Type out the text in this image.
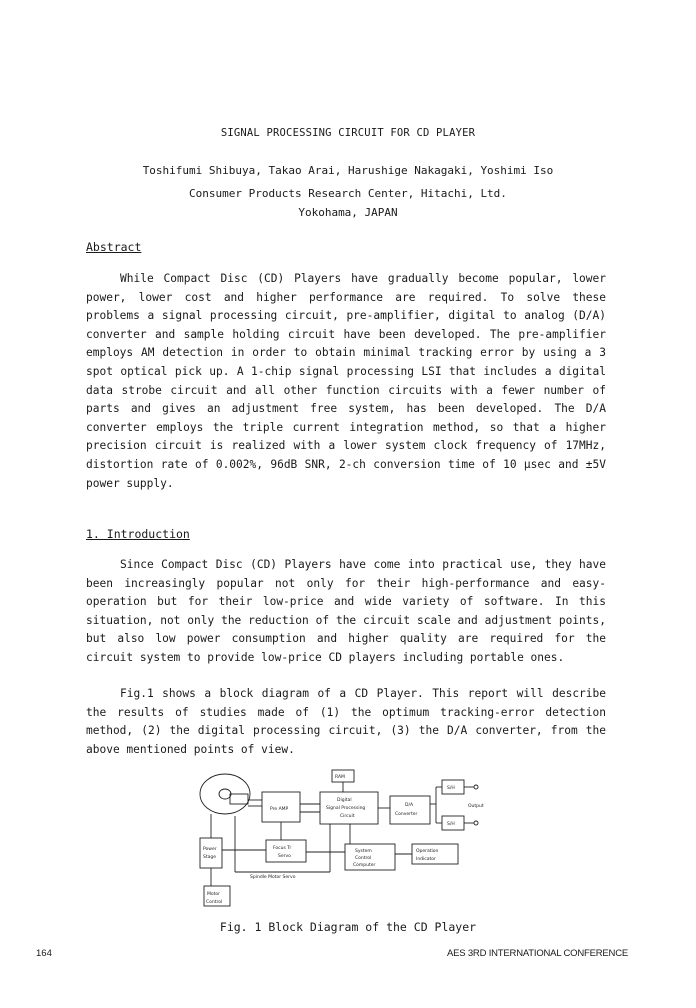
SIGNAL PROCESSING CIRCUIT FOR CD PLAYER
Toshifumi Shibuya, Takao Arai, Harushige Nakagaki, Yoshimi Iso
Consumer Products Research Center, Hitachi, Ltd.
Yokohama, JAPAN
Abstract

While Compact Disc (CD) Players have gradually become popular, lower power, lower cost and higher performance are required. To solve these problems a signal processing circuit, pre-amplifier, digital to analog (D/A) converter and sample holding circuit have been developed. The pre-amplifier employs AM detection in order to obtain minimal tracking error by using a 3 spot optical pick up. A 1-chip signal processing LSI that includes a digital data strobe circuit and all other function circuits with a fewer number of parts and gives an adjustment free system, has been developed. The D/A converter employs the triple current integration method, so that a higher precision circuit is realized with a lower system clock frequency of 17MHz, distortion rate of 0.002%, 96dB SNR, 2-ch conversion time of 10 μsec and ±5V power supply.

1. Introduction

Since Compact Disc (CD) Players have come into practical use, they have been increasingly popular not only for their high-performance and easy-operation but for their low-price and wide variety of software. In this situation, not only the reduction of the circuit scale and adjustment points, but also low power consumption and higher quality are required for the circuit system to provide low-price CD players including portable ones.

Fig.1 shows a block diagram of a CD Player. This report will describe the results of studies made of (1) the optimum tracking-error detection method, (2) the digital processing circuit, (3) the D/A converter, from the above mentioned points of view.

RAM
Pre AMP
Digital
Signal Processing
Circuit
D/A
Converter
S/H
S/H
Output
Power
Stage
Focus Tr
Servo
System
Control
Computer
Operation
Indicator
Spindle Motor Servo
Motor
Control
Fig. 1 Block Diagram of the CD Player
164	AES 3RD INTERNATIONAL CONFERENCE
